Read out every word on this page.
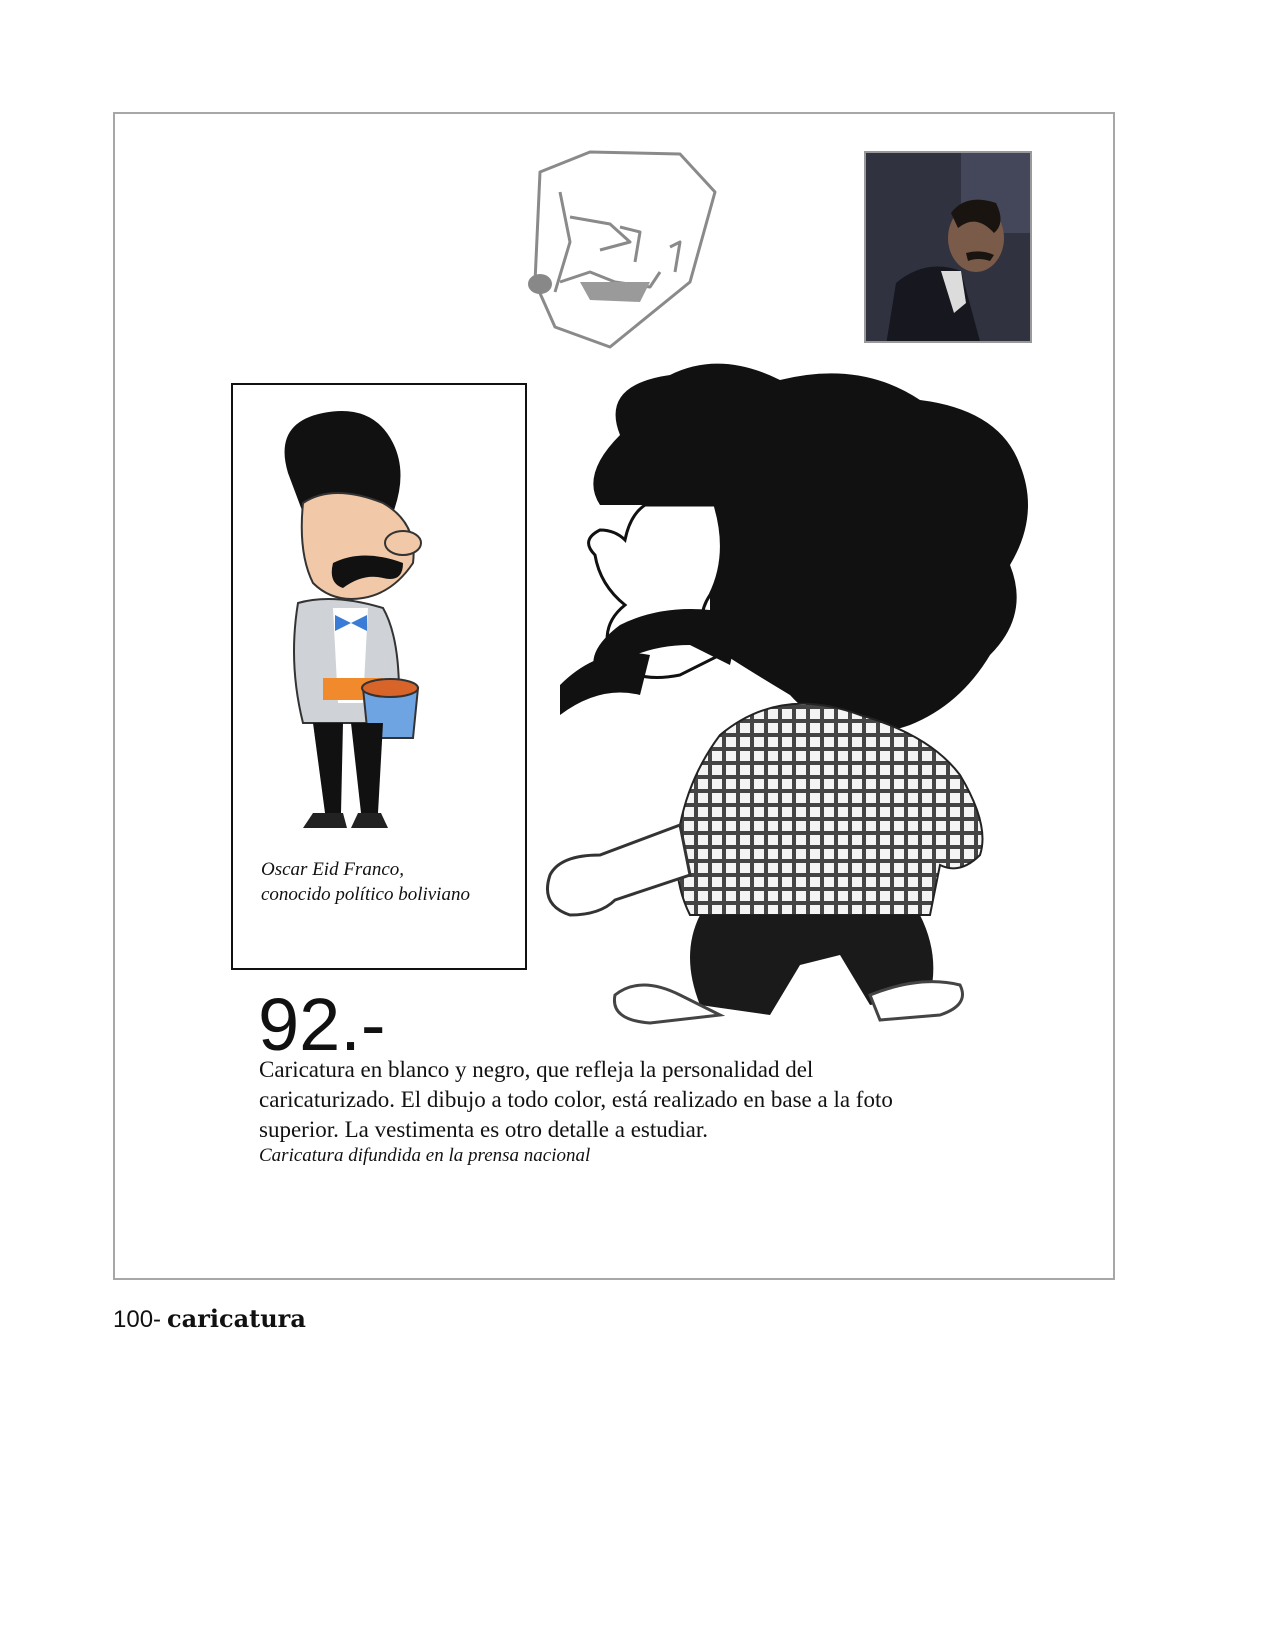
Oscar Eid Franco,
conocido político boliviano
92.-
Caricatura en blanco y negro, que refleja la personalidad del
caricaturizado. El dibujo a todo color, está realizado en base a la foto
superior. La vestimenta es otro detalle a estudiar.
Caricatura difundida en la prensa nacional
100- caricatura
